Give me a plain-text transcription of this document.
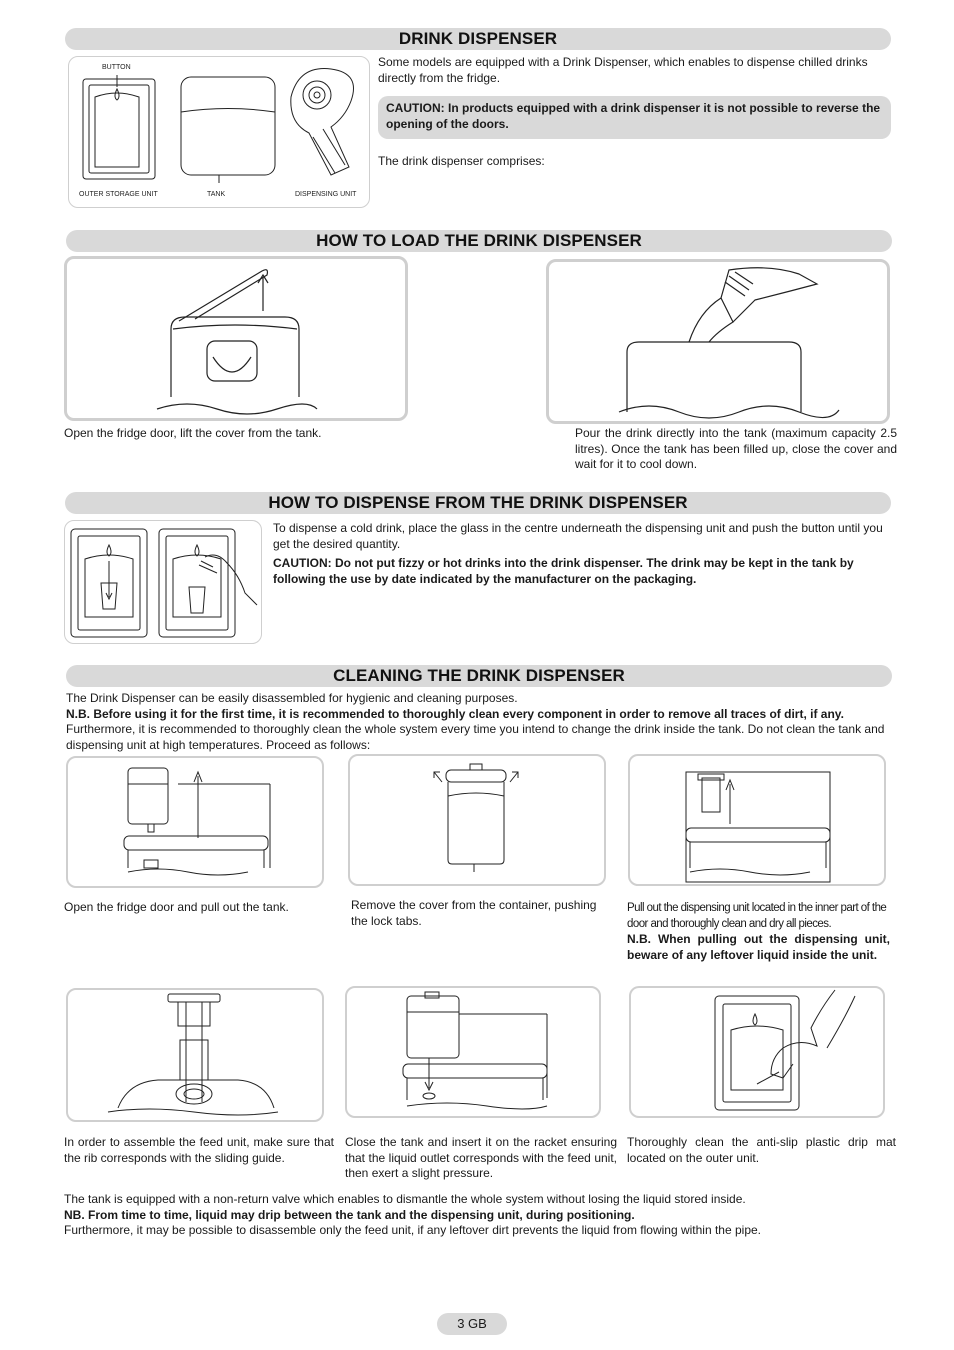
DRINK DISPENSER
BUTTON
OUTER STORAGE UNIT	TANK	DISPENSING UNIT
Some models are equipped with a Drink Dispenser, which enables to dispense chilled drinks directly from the fridge.
CAUTION: In products equipped with a drink dispenser it is not possible to reverse the opening of the doors.
The drink dispenser comprises:
HOW TO LOAD THE DRINK DISPENSER
Open the fridge door, lift the cover from the tank.	Pour the drink directly into the tank (maximum capacity 2.5 litres). Once the tank has been filled up, close the cover and wait for it to cool down.
HOW TO DISPENSE FROM THE DRINK DISPENSER
To dispense a cold drink, place the glass in the centre underneath the dispensing unit and push the button until you get the desired quantity.
CAUTION: Do not put fizzy or hot drinks into the drink dispenser. The drink may be kept in the tank by following the use by date indicated by the manufacturer on the packaging.
CLEANING THE DRINK DISPENSER

The Drink Dispenser can be easily disassembled for hygienic and cleaning purposes.

N.B. Before using it for the first time, it is recommended to thoroughly clean every component in order to remove all traces of dirt, if any.

Furthermore, it is recommended to thoroughly clean the whole system every time you intend to change the drink inside the tank. Do not clean the tank and dispensing unit at high temperatures. Proceed as follows:

Open the fridge door and pull out the tank.	Remove the cover from the container, pushing the lock tabs.

Pull out the dispensing unit located in the inner part of the door and thoroughly clean and dry all pieces.

N.B. When pulling out the dispensing unit, beware of any leftover liquid inside the unit.

In order to assemble the feed unit, make sure that the rib corresponds with the sliding guide.
Close the tank and insert it on the racket ensuring that the liquid outlet corresponds with the feed unit, then exert a slight pressure.
Thoroughly clean the anti-slip plastic drip mat located on the outer unit.

The tank is equipped with a non-return valve which enables to dismantle the whole system without losing the liquid stored inside.

NB. From time to time, liquid may drip between the tank and the dispensing unit, during positioning.

Furthermore, it may be possible to disassemble only the feed unit, if any leftover dirt prevents the liquid from flowing within the pipe.

3 GB
